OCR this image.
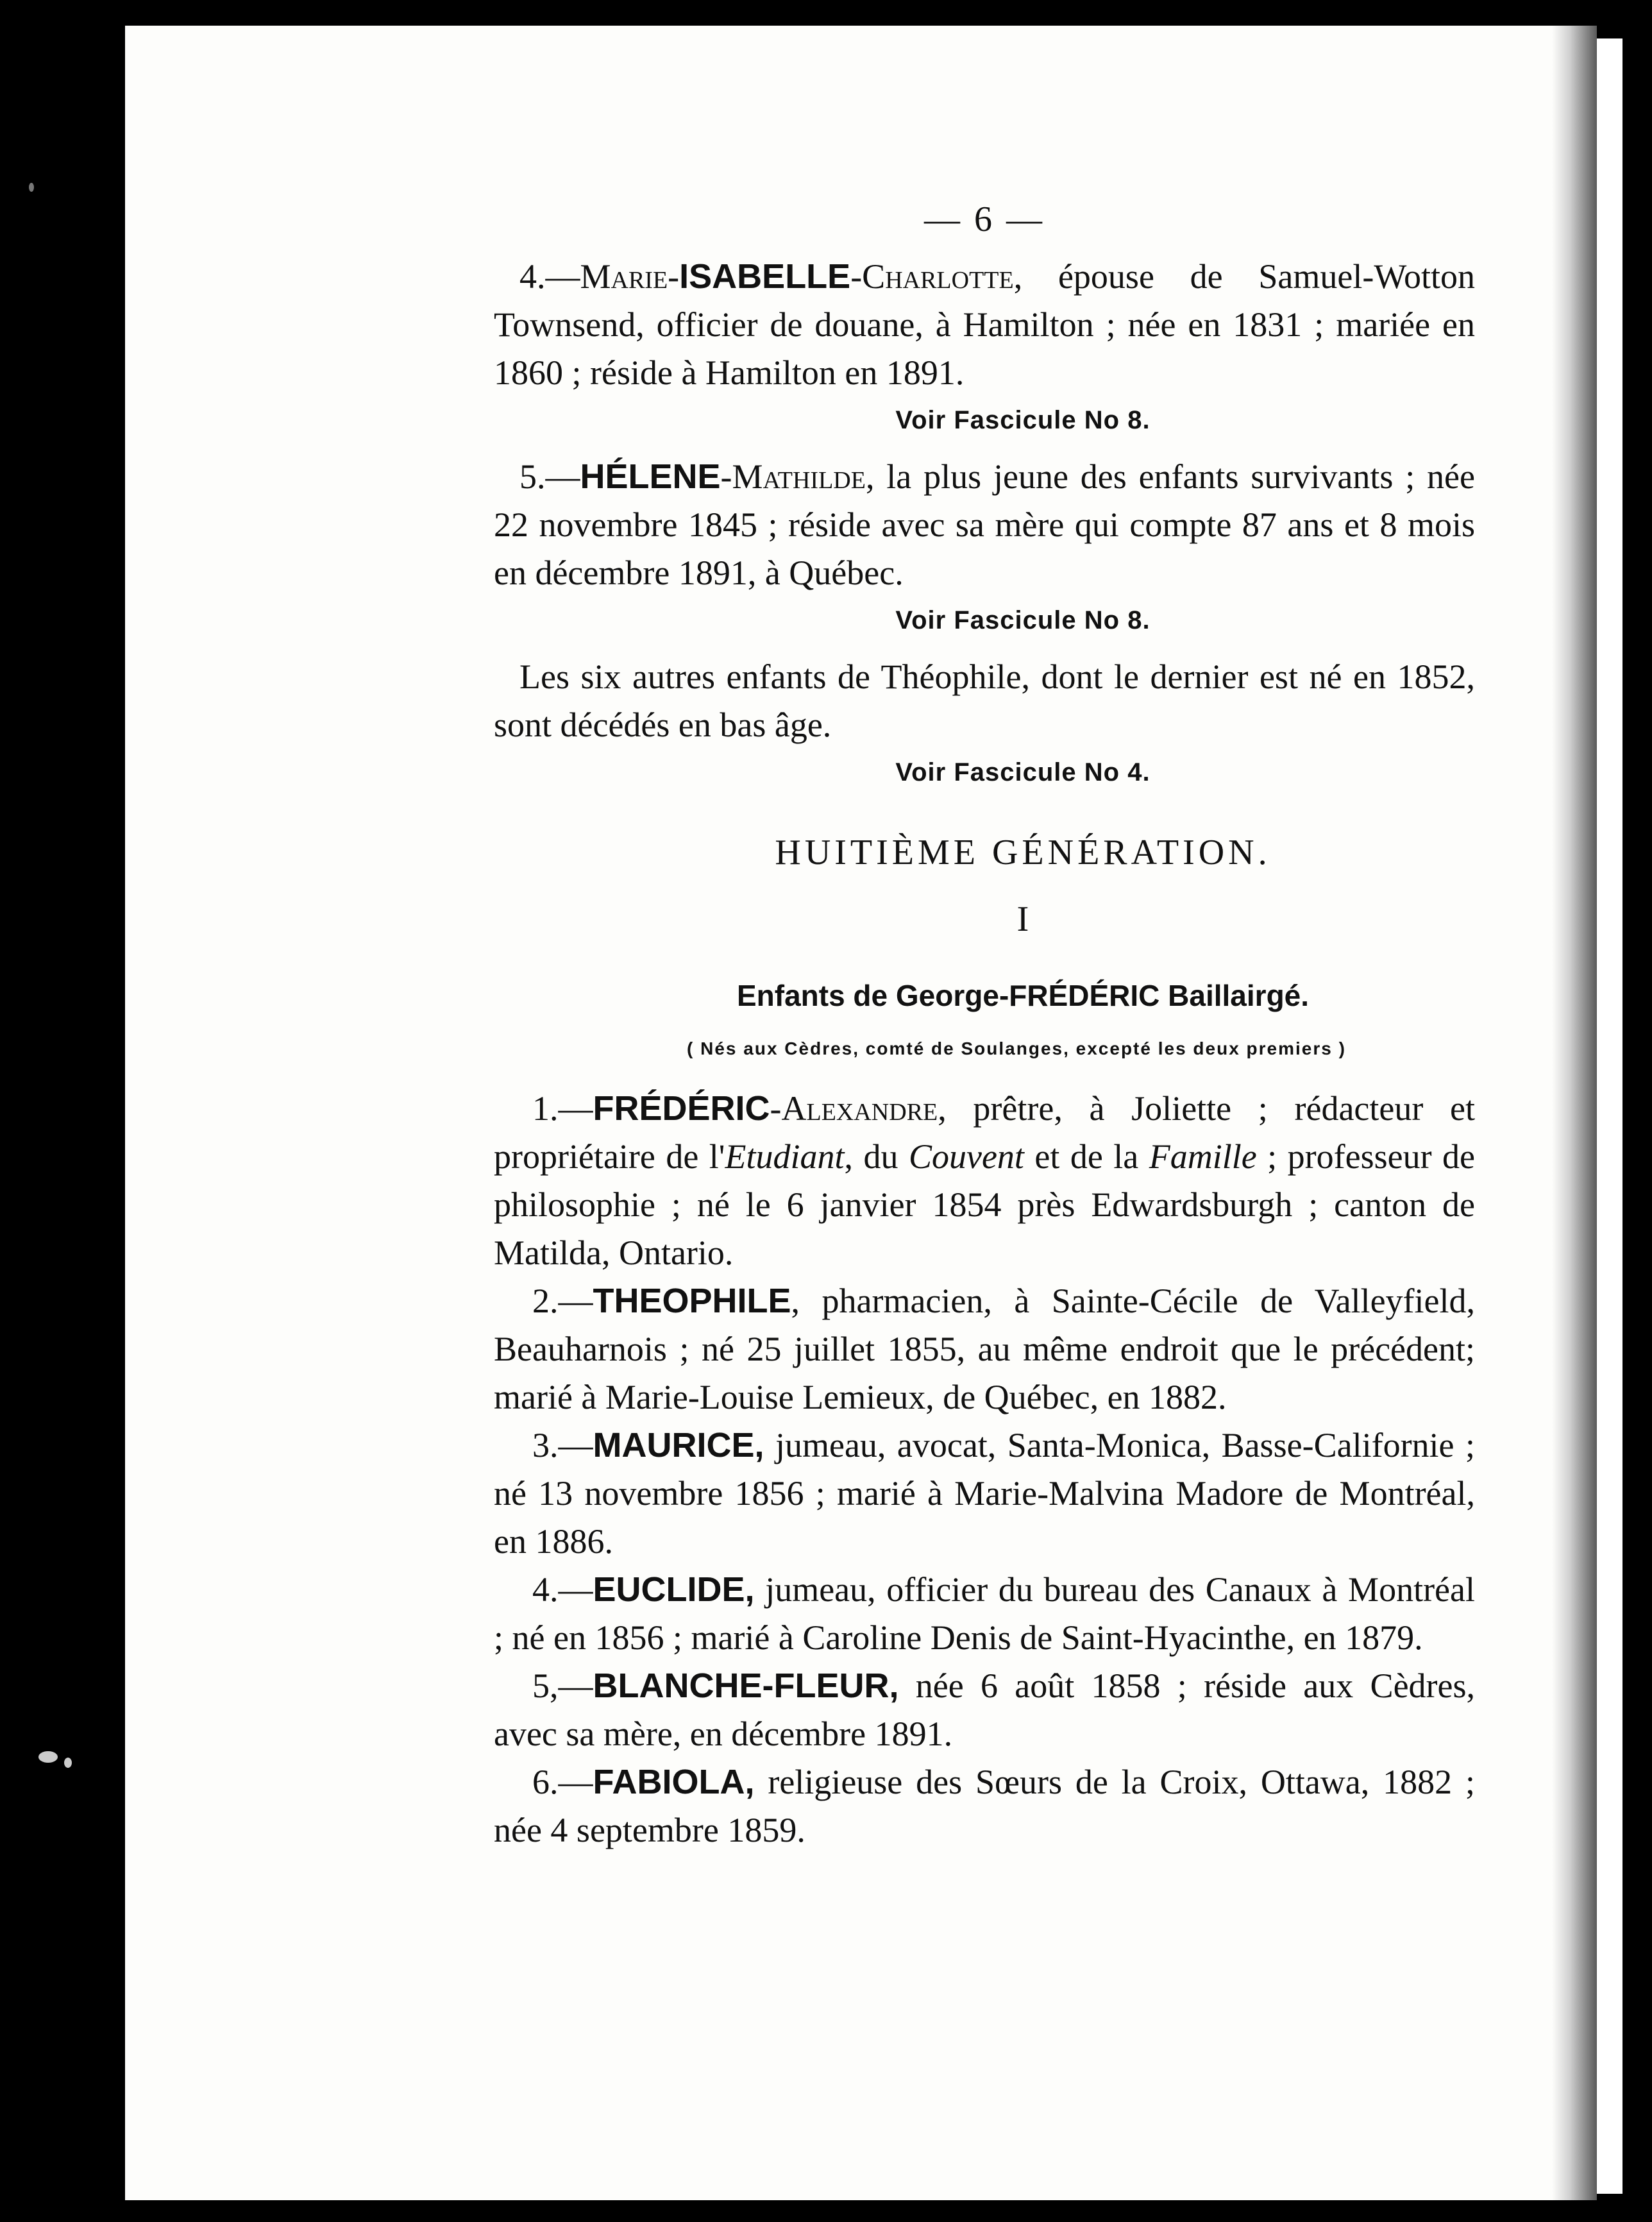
— 6 —

4.—Marie-ISABELLE-Charlotte, épouse de Samuel-Wotton Townsend, officier de douane, à Hamilton ; née en 1831 ; mariée en 1860 ; réside à Hamilton en 1891.

Voir Fascicule No 8.

5.—HÉLENE-Mathilde, la plus jeune des enfants survivants ; née 22 novembre 1845 ; réside avec sa mère qui compte 87 ans et 8 mois en décembre 1891, à Québec.

Voir Fascicule No 8.

Les six autres enfants de Théophile, dont le dernier est né en 1852, sont décédés en bas âge.

Voir Fascicule No 4.
HUITIÈME GÉNÉRATION.
I
Enfants de George-FRÉDÉRIC Baillairgé.
( Nés aux Cèdres, comté de Soulanges, excepté les deux premiers )

1.—FRÉDÉRIC-Alexandre, prêtre, à Joliette ; rédacteur et propriétaire de l'Etudiant, du Couvent et de la Famille ; professeur de philosophie ; né le 6 janvier 1854 près Edwardsburgh ; canton de Matilda, Ontario.

2.—THEOPHILE, pharmacien, à Sainte-Cécile de Valleyfield, Beauharnois ; né 25 juillet 1855, au même endroit que le précédent; marié à Marie-Louise Lemieux, de Québec, en 1882.

3.—MAURICE, jumeau, avocat, Santa-Monica, Basse-Californie ; né 13 novembre 1856 ; marié à Marie-Malvina Madore de Montréal, en 1886.

4.—EUCLIDE, jumeau, officier du bureau des Canaux à Montréal ; né en 1856 ; marié à Caroline Denis de Saint-Hyacinthe, en 1879.

5,—BLANCHE-FLEUR, née 6 août 1858 ; réside aux Cèdres, avec sa mère, en décembre 1891.

6.—FABIOLA, religieuse des Sœurs de la Croix, Ottawa, 1882 ; née 4 septembre 1859.
